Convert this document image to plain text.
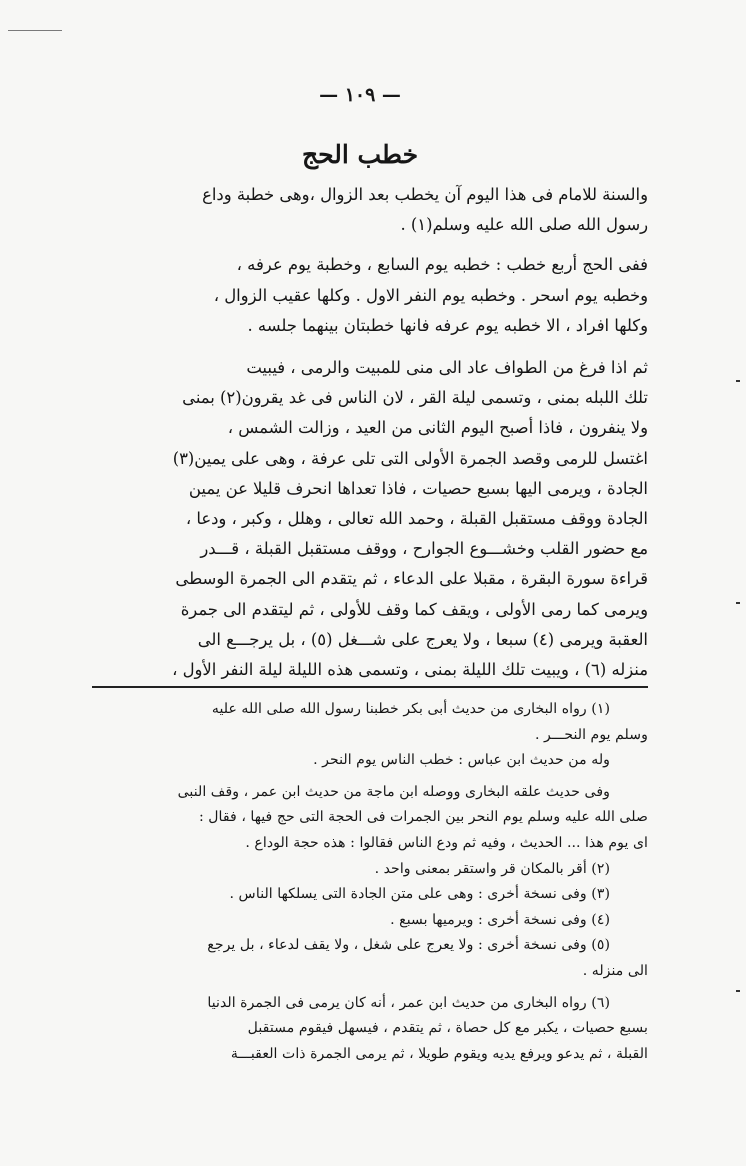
— ١٠٩ —
خطب الحج

والسنة للامام فى هذا اليوم آن يخطب بعد الزوال ،وهى خطبة وداع

رسول الله صلى الله عليه وسلم(١) .

ففى الحج أربع خطب : خطبه يوم السابع ، وخطبة يوم عرفه ،

وخطبه يوم اسحر . وخطبه يوم النفر الاول . وكلها عقيب الزوال ،

وكلها افراد ، الا خطبه يوم عرفه فانها خطبتان بينهما جلسه .

ثم اذا فرغ من الطواف عاد الى منى للمبيت والرمى ، فيبيت

تلك اللبله بمنى ، وتسمى ليلة القر ، لان الناس فى غد يقرون(٢) بمنى

ولا ينفرون ، فاذا أصبح اليوم الثانى من العيد ، وزالت الشمس ،

اغتسل للرمى وقصد الجمرة الأولى التى تلى عرفة ، وهى على يمين(٣)

الجادة ، ويرمى اليها بسبع حصيات ، فاذا تعداها انحرف قليلا عن يمين

الجادة ووقف مستقبل القبلة ، وحمد الله تعالى ، وهلل ، وكبر ، ودعا ،

مع حضور القلب وخشـــوع الجوارح ، ووقف مستقبل القبلة ، قـــدر

قراءة سورة البقرة ، مقبلا على الدعاء ، ثم يتقدم الى الجمرة الوسطى

ويرمى كما رمى الأولى ، ويقف كما وقف للأولى ، ثم ليتقدم الى جمرة

العقبة ويرمى (٤) سبعا ، ولا يعرج على شـــغل (٥) ، بل يرجـــع الى

منزله (٦) ، ويبيت تلك الليلة بمنى ، وتسمى هذه الليلة ليلة النفر الأول ،

(١) رواه البخارى من حديث أبى بكر خطبنا رسول الله صلى الله عليه

وسلم يوم النحـــر .

وله من حديث ابن عباس : خطب الناس يوم النحر .

وفى حديث علقه البخارى ووصله ابن ماجة من حديث ابن عمر ، وقف النبى

صلى الله عليه وسلم يوم النحر بين الجمرات فى الحجة التى حج فيها ، فقال :

اى يوم هذا ... الحديث ، وفيه ثم ودع الناس فقالوا : هذه حجة الوداع .

(٢) أقر بالمكان قر واستقر بمعنى واحد .

(٣) وفى نسخة أخرى : وهى على متن الجادة التى يسلكها الناس .

(٤) وفى نسخة أخرى : ويرميها بسبع .

(٥) وفى نسخة أخرى : ولا يعرج على شغل ، ولا يقف لدعاء ، بل يرجع

الى منزله .

(٦) رواه البخارى من حديث ابن عمر ، أنه كان يرمى فى الجمرة الدنيا

بسبع حصيات ، يكبر مع كل حصاة ، ثم يتقدم ، فيسهل فيقوم مستقبل

القبلة ، ثم يدعو ويرفع يديه ويقوم طويلا ، ثم يرمى الجمرة ذات العقبـــة
